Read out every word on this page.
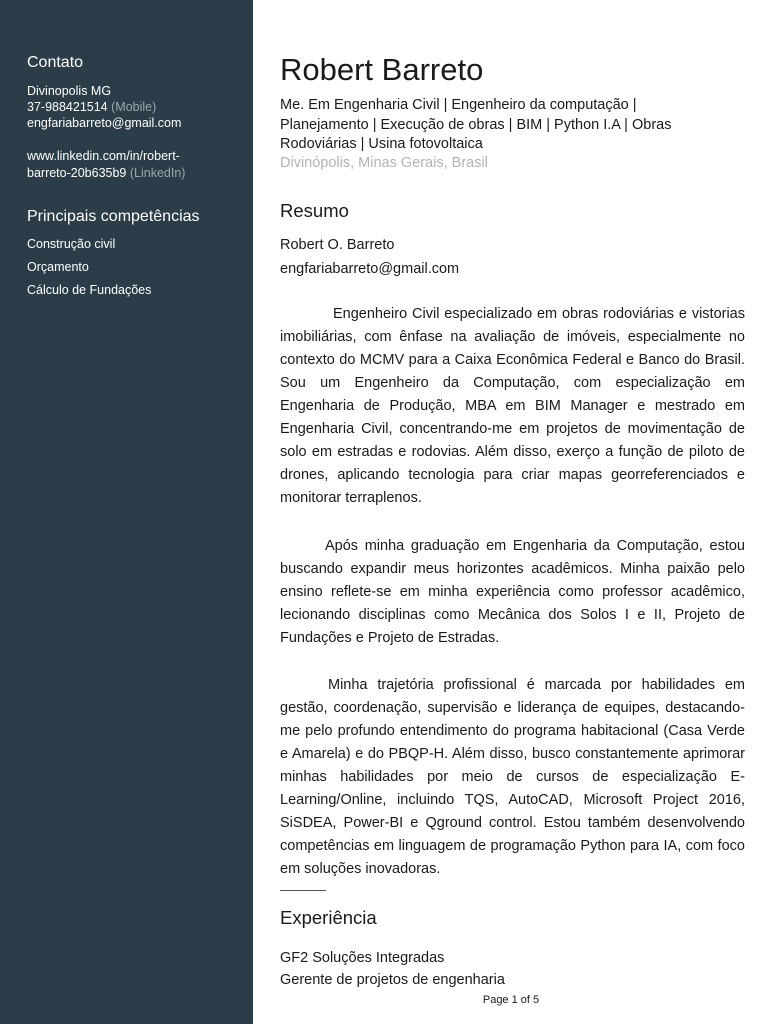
Contato
Divinopolis MG
37-988421514 (Mobile)
engfariabarreto@gmail.com
www.linkedin.com/in/robert-
barreto-20b635b9 (LinkedIn)
Principais competências
Construção civil
Orçamento
Cálculo de Fundações
Robert Barreto
Me. Em Engenharia Civil | Engenheiro da computação |
Planejamento | Execução de obras | BIM | Python I.A | Obras
Rodoviárias | Usina fotovoltaica
Divinópolis, Minas Gerais, Brasil
Resumo
Robert O. Barreto
engfariabarreto@gmail.com

Engenheiro Civil especializado em obras rodoviárias e vistorias imobiliárias, com ênfase na avaliação de imóveis, especialmente no contexto do MCMV para a Caixa Econômica Federal e Banco do Brasil. Sou um Engenheiro da Computação, com especialização em Engenharia de Produção, MBA em BIM Manager e mestrado em Engenharia Civil, concentrando-me em projetos de movimentação de solo em estradas e rodovias. Além disso, exerço a função de piloto de drones, aplicando tecnologia para criar mapas georreferenciados e monitorar terraplenos.

Após minha graduação em Engenharia da Computação, estou buscando expandir meus horizontes acadêmicos. Minha paixão pelo ensino reflete-se em minha experiência como professor acadêmico, lecionando disciplinas como Mecânica dos Solos I e II, Projeto de Fundações e Projeto de Estradas.

Minha trajetória profissional é marcada por habilidades em gestão, coordenação, supervisão e liderança de equipes, destacando-me pelo profundo entendimento do programa habitacional (Casa Verde e Amarela) e do PBQP-H. Além disso, busco constantemente aprimorar minhas habilidades por meio de cursos de especialização E-Learning/Online, incluindo TQS, AutoCAD, Microsoft Project 2016, SiSDEA, Power-BI e Qground control. Estou também desenvolvendo competências em linguagem de programação Python para IA, com foco em soluções inovadoras.

Experiência
GF2 Soluções Integradas
Gerente de projetos de engenharia
Page 1 of 5
